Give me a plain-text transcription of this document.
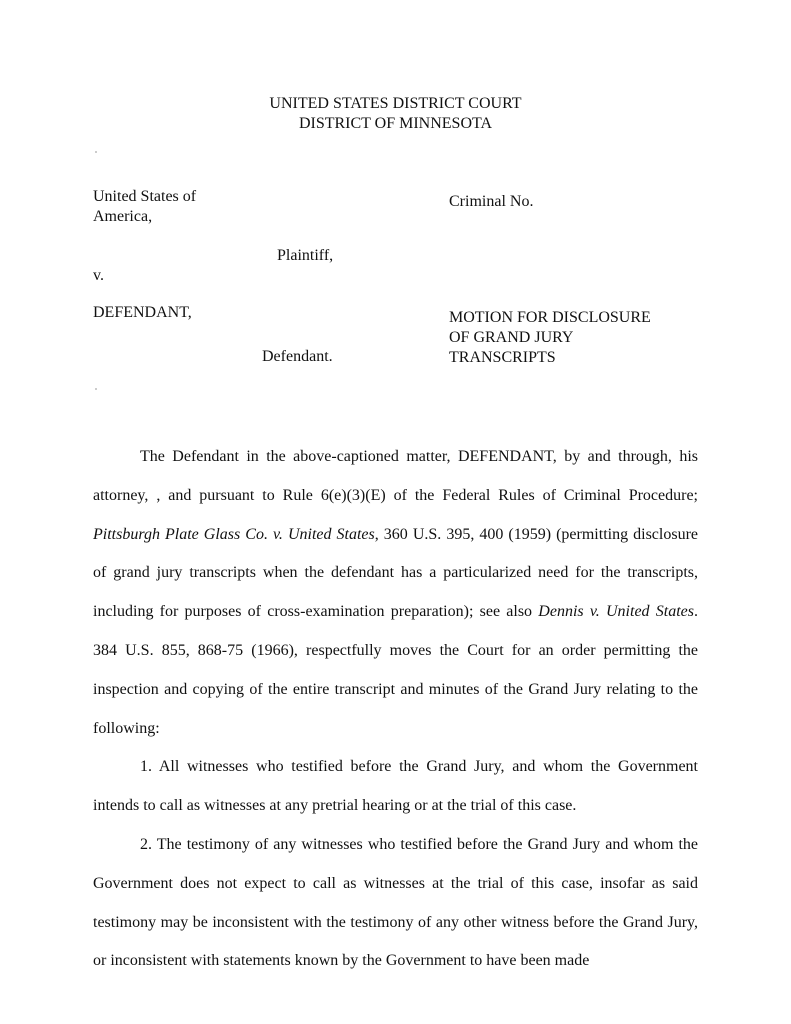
UNITED STATES DISTRICT COURT
DISTRICT OF MINNESOTA
United States of
America,
Criminal No.
Plaintiff,
v.
DEFENDANT,	MOTION FOR DISCLOSURE
OF GRAND JURY
TRANSCRIPTS
Defendant.

The Defendant in the above-captioned matter, DEFENDANT, by and through, his attorney, , and pursuant to Rule 6(e)(3)(E) of the Federal Rules of Criminal Procedure; Pittsburgh Plate Glass Co. v. United States, 360 U.S. 395, 400 (1959) (permitting disclosure of grand jury transcripts when the defendant has a particularized need for the transcripts, including for purposes of cross-examination preparation); see also Dennis v. United States. 384 U.S. 855, 868-75 (1966), respectfully moves the Court for an order permitting the inspection and copying of the entire transcript and minutes of the Grand Jury relating to the following:

1. All witnesses who testified before the Grand Jury, and whom the Government intends to call as witnesses at any pretrial hearing or at the trial of this case.

2. The testimony of any witnesses who testified before the Grand Jury and whom the Government does not expect to call as witnesses at the trial of this case, insofar as said testimony may be inconsistent with the testimony of any other witness before the Grand Jury, or inconsistent with statements known by the Government to have been made
